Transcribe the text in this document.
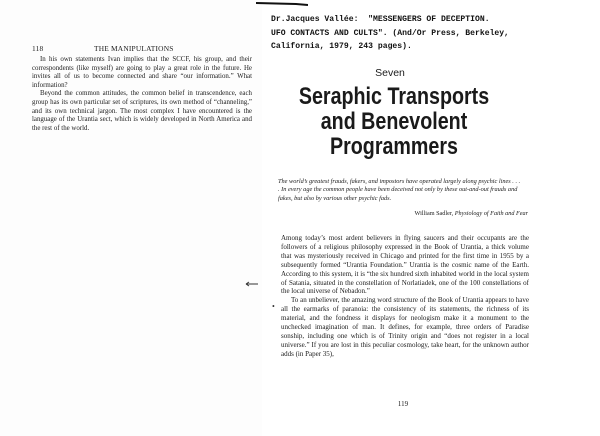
118	THE MANIPULATIONS

In his own statements Ivan implies that the SCCF, his group, and their correspondents (like myself) are going to play a great role in the future. He invites all of us to become connected and share “our information.” What information?

Beyond the common attitudes, the common belief in transcendence, each group has its own particular set of scriptures, its own method of “channeling,” and its own technical jargon. The most complex I have encountered is the language of the Urantia sect, which is widely developed in North America and the rest of the world.

Dr.Jacques Vallée:  "MESSENGERS OF DECEPTION.
UFO CONTACTS AND CULTS". (And/Or Press, Berkeley,
California, 1979, 243 pages).
Seven
Seraphic Transports
and Benevolent
Programmers
The world’s greatest frauds, fakers, and impostors have operated largely along psychic lines . . . . In every age the common people have been deceived not only by these out-and-out frauds and fakes, but also by various other psychic fads.
William Sadler, Physiology of Faith and Fear

Among today’s most ardent believers in flying saucers and their occupants are the followers of a religious philosophy expressed in the Book of Urantia, a thick volume that was mysteriously received in Chicago and printed for the first time in 1955 by a subsequently formed “Urantia Foundation.” Urantia is the cosmic name of the Earth. According to this system, it is “the six hundred sixth inhabited world in the local system of Satania, situated in the constellation of Norlatiadek, one of the 100 constellations of the local universe of Nebadon.”

To an unbeliever, the amazing word structure of the Book of Urantia appears to have all the earmarks of paranoia: the consistency of its statements, the richness of its material, and the fondness it displays for neologism make it a monument to the unchecked imagination of man. It defines, for example, three orders of Paradise sonship, including one which is of Trinity origin and “does not register in a local universe.” If you are lost in this peculiar cosmology, take heart, for the unknown author adds (in Paper 35),

119
•
